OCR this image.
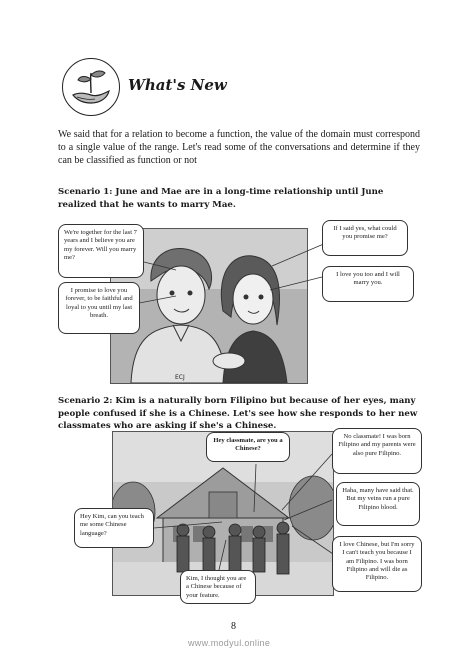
What's New
We said that for a relation to become a function, the value of the domain must correspond to a single value of the range. Let's read some of the conversations and determine if they can be classified as function or not
Scenario 1: June and Mae are in a long-time relationship until June realized that he wants to marry Mae.
ECJ
We're together for the last 7 years and I believe you are my forever. Will you marry me?
If I said yes, what could you promise me?
I love you too and I will marry you.
I promise to love you forever, to be faithful and loyal to you until my last breath.
Scenario 2: Kim is a naturally born Filipino but because of her eyes, many people confused if she is a Chinese. Let's see how she responds to her new classmates who are asking if she's a Chinese.
Hey classmate, are you a Chinese?
No classmate! I was born Filipino and my parents were also pure Filipino.
Haha, many have said that. But my veins run a pure Filipino blood.
Hey Kim, can you teach me some Chinese language?
I love Chinese, but I'm sorry I can't teach you because I am Filipino. I was born Filipino and will die as Filipino.
Kim, I thought you are a Chinese because of your feature.
8
www.modyul.online
